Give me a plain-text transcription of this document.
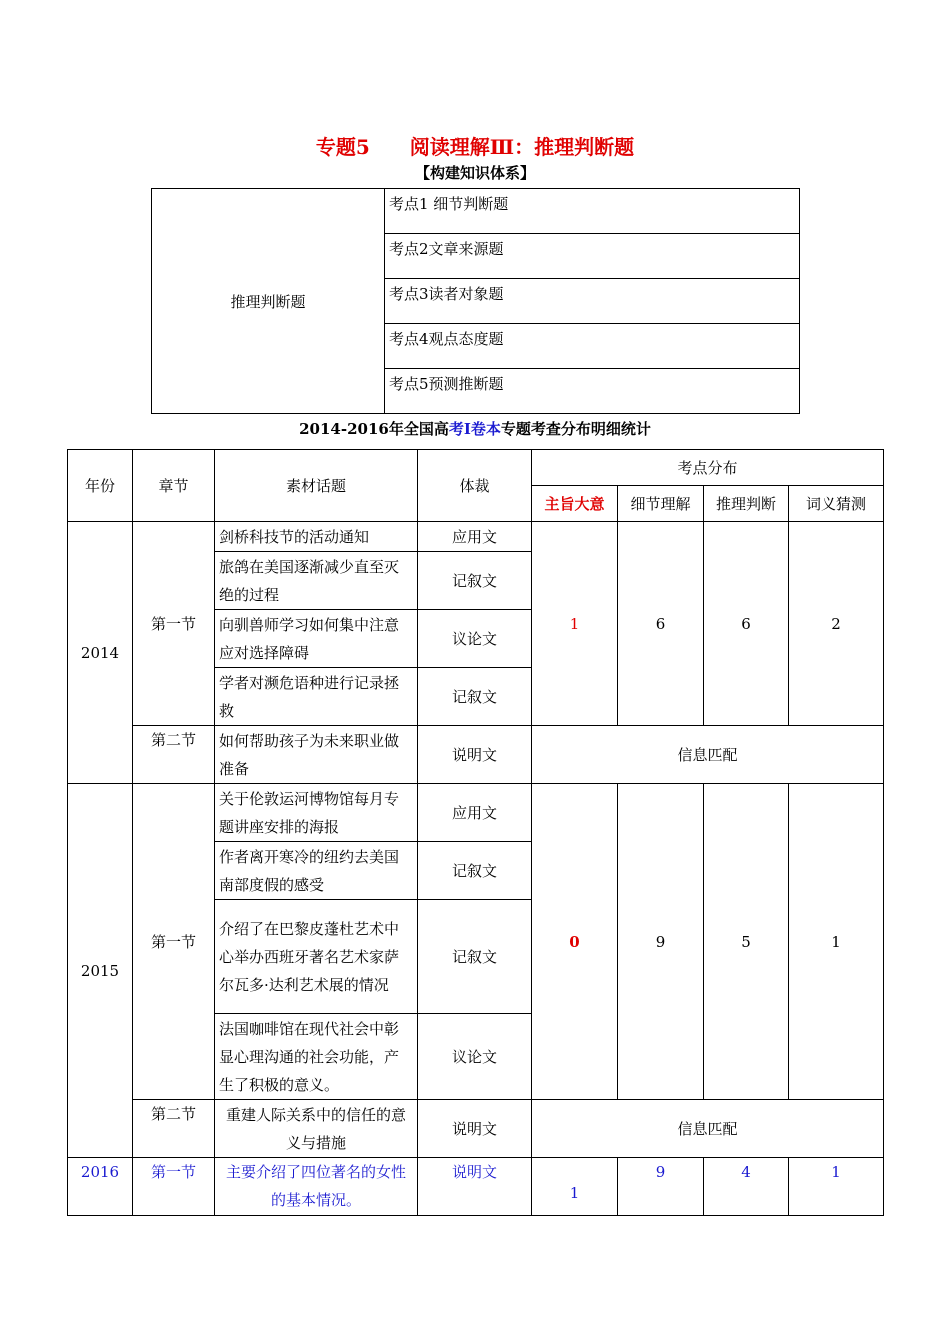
专题5　　阅读理解Ⅲ：推理判断题
【构建知识体系】
推理判断题	考点1 细节判断题
考点2文章来源题
考点3读者对象题
考点4观点态度题
考点5预测推断题
2014-2016年全国高考Ⅰ卷本专题考查分布明细统计
年份	章节	素材话题	体裁	考点分布			
				主旨大意	细节理解	推理判断	词义猜测
2014	第一节	剑桥科技节的活动通知	应用文	1	6	6	2
		旅鸽在美国逐渐减少直至灭绝的过程	记叙文				
		向驯兽师学习如何集中注意应对选择障碍	议论文				
		学者对濒危语种进行记录拯救	记叙文				
	第二节	如何帮助孩子为未来职业做准备	说明文	信息匹配			
2015	第一节	关于伦敦运河博物馆每月专题讲座安排的海报	应用文	0	9	5	1
		作者离开寒冷的纽约去美国南部度假的感受	记叙文				
		介绍了在巴黎皮蓬杜艺术中心举办西班牙著名艺术家萨尔瓦多·达利艺术展的情况	记叙文				
		法国咖啡馆在现代社会中彰显心理沟通的社会功能，产生了积极的意义。	议论文				
	第二节	重建人际关系中的信任的意义与措施	说明文	信息匹配			
2016	第一节	主要介绍了四位著名的女性的基本情况。	说明文	1	9	4	1
